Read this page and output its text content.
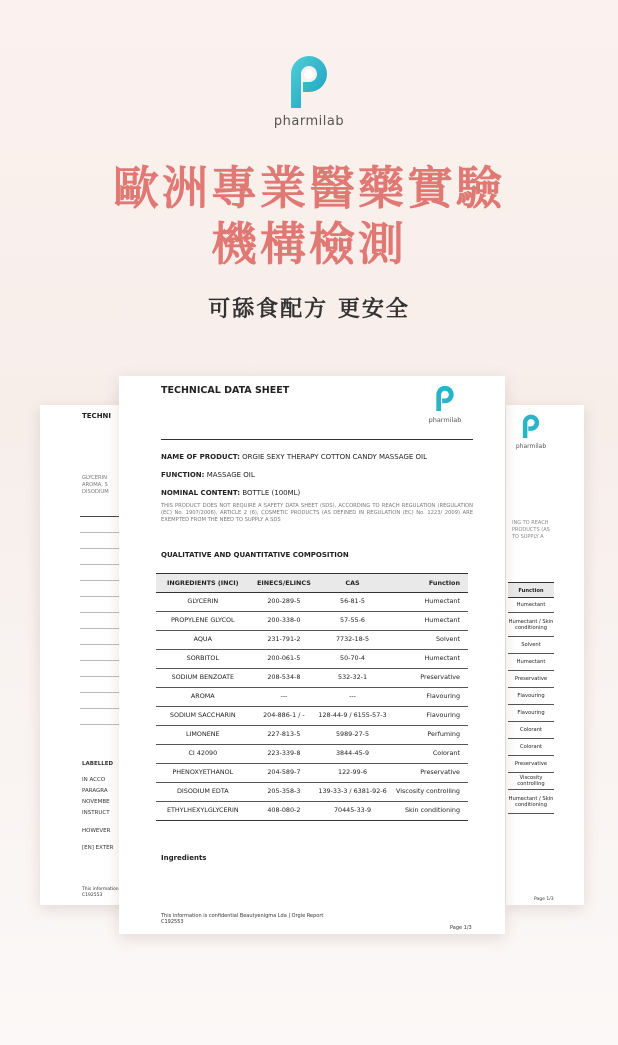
pharmilab
歐洲專業醫藥實驗
機構檢測
可舔食配方 更安全
TECHNI
GLYCERIN
AROMA, S
DISODIUM
LABELLED
IN ACCO
PARAGRA
NOVEMBE
INSTRUCT
HOWEVER
[EN] EXTER
This information
C192553
pharmilab
ING TO REACH
PRODUCTS (AS
TO SUPPLY A
Function
Humectant
Humectant / Skin conditioning
Solvent
Humectant
Preservative
Flavouring
Flavouring
Colorant
Colorant
Preservative
Viscosity controlling
Humectant / Skin conditioning
Page 1/3
TECHNICAL DATA SHEET
pharmilab
NAME OF PRODUCT: ORGIE SEXY THERAPY COTTON CANDY MASSAGE OIL
FUNCTION: MASSAGE OIL
NOMINAL CONTENT: BOTTLE (100ML)
THIS PRODUCT DOES NOT REQUIRE A SAFETY DATA SHEET (SDS), ACCORDING TO REACH REGULATION (REGULATION (EC) No. 1907/2006), ARTICLE 2 (6), COSMETIC PRODUCTS (AS DEFINED IN REGULATION (EC) No. 1223/ 2009) ARE EXEMPTED FROM THE NEED TO SUPPLY A SDS
QUALITATIVE AND QUANTITATIVE COMPOSITION
INGREDIENTS (INCI)	EINECS/ELINCS	CAS	Function
GLYCERIN	200-289-5	56-81-5	Humectant
PROPYLENE GLYCOL	200-338-0	57-55-6	Humectant
AQUA	231-791-2	7732-18-5	Solvent
SORBITOL	200-061-5	50-70-4	Humectant
SODIUM BENZOATE	208-534-8	532-32-1	Preservative
AROMA	---	---	Flavouring
SODIUM SACCHARIN	204-886-1 / -	128-44-9 / 6155-57-3	Flavouring
LIMONENE	227-813-5	5989-27-5	Perfuming
CI 42090	223-339-8	3844-45-9	Colorant
PHENOXYETHANOL	204-589-7	122-99-6	Preservative
DISODIUM EDTA	205-358-3	139-33-3 / 6381-92-6	Viscosity controlling
ETHYLHEXYLGLYCERIN	408-080-2	70445-33-9	Skin conditioning
Ingredients
This information is confidential Beautyenigma Lda | Orgie Report
C192553
Page 1/3
